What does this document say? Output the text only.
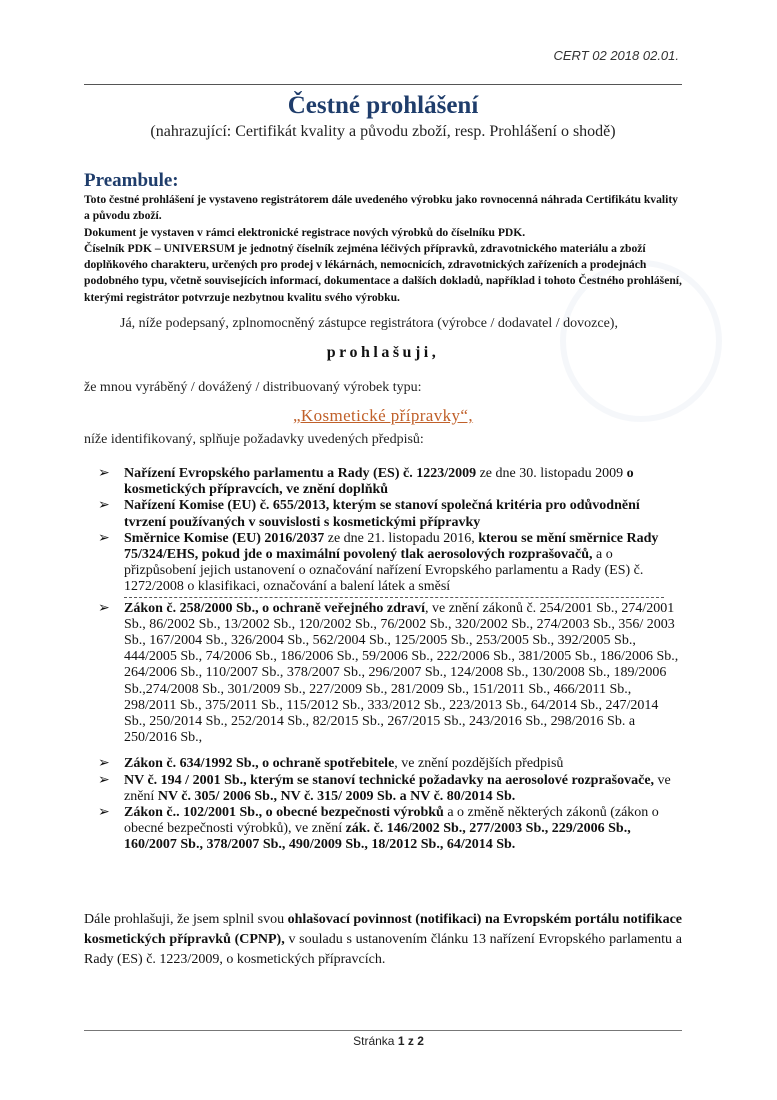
CERT 02 2018 02.01.
Čestné prohlášení
(nahrazující: Certifikát kvality a původu zboží, resp. Prohlášení o shodě)
Preambule:

Toto čestné prohlášení je vystaveno registrátorem dále uvedeného výrobku jako rovnocenná náhrada Certifikátu kvality a původu zboží.

Dokument je vystaven v rámci elektronické registrace nových výrobků do číselníku PDK.

Číselník PDK – UNIVERSUM je jednotný číselník zejména léčivých přípravků, zdravotnického materiálu a zboží doplňkového charakteru, určených pro prodej v lékárnách, nemocnicích, zdravotnických zařízeních a prodejnách podobného typu, včetně souvisejících informací, dokumentace a dalších dokladů, například i tohoto Čestného prohlášení, kterými registrátor potvrzuje nezbytnou kvalitu svého výrobku.

Já, níže podepsaný, zplnomocněný zástupce registrátora (výrobce / dodavatel / dovozce),
prohlašuji,
že mnou vyráběný / dovážený / distribuovaný výrobek typu:
„Kosmetické přípravky“,
níže identifikovaný, splňuje požadavky uvedených předpisů:
➢ Nařízení Evropského parlamentu a Rady (ES) č. 1223/2009 ze dne 30. listopadu 2009 o kosmetických přípravcích, ve znění doplňků

➢ Nařízení Komise (EU) č. 655/2013, kterým se stanoví společná kritéria pro odůvodnění tvrzení používaných v souvislosti s kosmetickými přípravky

➢ Směrnice Komise (EU) 2016/2037 ze dne 21. listopadu 2016, kterou se mění směrnice Rady 75/324/EHS, pokud jde o maximální povolený tlak aerosolových rozprašovačů, a o přizpůsobení jejich ustanovení o označování nařízení Evropského parlamentu a Rady (ES) č. 1272/2008 o klasifikaci, označování a balení látek a směsí

➢ Zákon č. 258/2000 Sb., o ochraně veřejného zdraví, ve znění zákonů č. 254/2001 Sb., 274/2001 Sb., 86/2002 Sb., 13/2002 Sb., 120/2002 Sb., 76/2002 Sb., 320/2002 Sb., 274/2003 Sb., 356/ 2003 Sb., 167/2004 Sb., 326/2004 Sb., 562/2004 Sb., 125/2005 Sb., 253/2005 Sb., 392/2005 Sb., 444/2005 Sb., 74/2006 Sb., 186/2006 Sb., 59/2006 Sb., 222/2006 Sb., 381/2005 Sb., 186/2006 Sb., 264/2006 Sb., 110/2007 Sb., 378/2007 Sb., 296/2007 Sb., 124/2008 Sb., 130/2008 Sb., 189/2006 Sb.,274/2008 Sb., 301/2009 Sb., 227/2009 Sb., 281/2009 Sb., 151/2011 Sb., 466/2011 Sb., 298/2011 Sb., 375/2011 Sb., 115/2012 Sb., 333/2012 Sb., 223/2013 Sb., 64/2014 Sb., 247/2014 Sb., 250/2014 Sb., 252/2014 Sb., 82/2015 Sb., 267/2015 Sb., 243/2016 Sb., 298/2016 Sb. a 250/2016 Sb.,

➢ Zákon č. 634/1992 Sb., o ochraně spotřebitele, ve znění pozdějších předpisů

➢ NV č. 194 / 2001 Sb., kterým se stanoví technické požadavky na aerosolové rozprašovače, ve znění NV č. 305/ 2006 Sb., NV č. 315/ 2009 Sb. a NV č. 80/2014 Sb.

➢ Zákon č.. 102/2001 Sb., o obecné bezpečnosti výrobků a o změně některých zákonů (zákon o obecné bezpečnosti výrobků), ve znění zák. č. 146/2002 Sb., 277/2003 Sb., 229/2006 Sb., 160/2007 Sb., 378/2007 Sb., 490/2009 Sb., 18/2012 Sb., 64/2014 Sb.

Dále prohlašuji, že jsem splnil svou ohlašovací povinnost (notifikaci) na Evropském portálu notifikace kosmetických přípravků (CPNP), v souladu s ustanovením článku 13 nařízení Evropského parlamentu a Rady (ES) č. 1223/2009, o kosmetických přípravcích.

Stránka 1 z 2
